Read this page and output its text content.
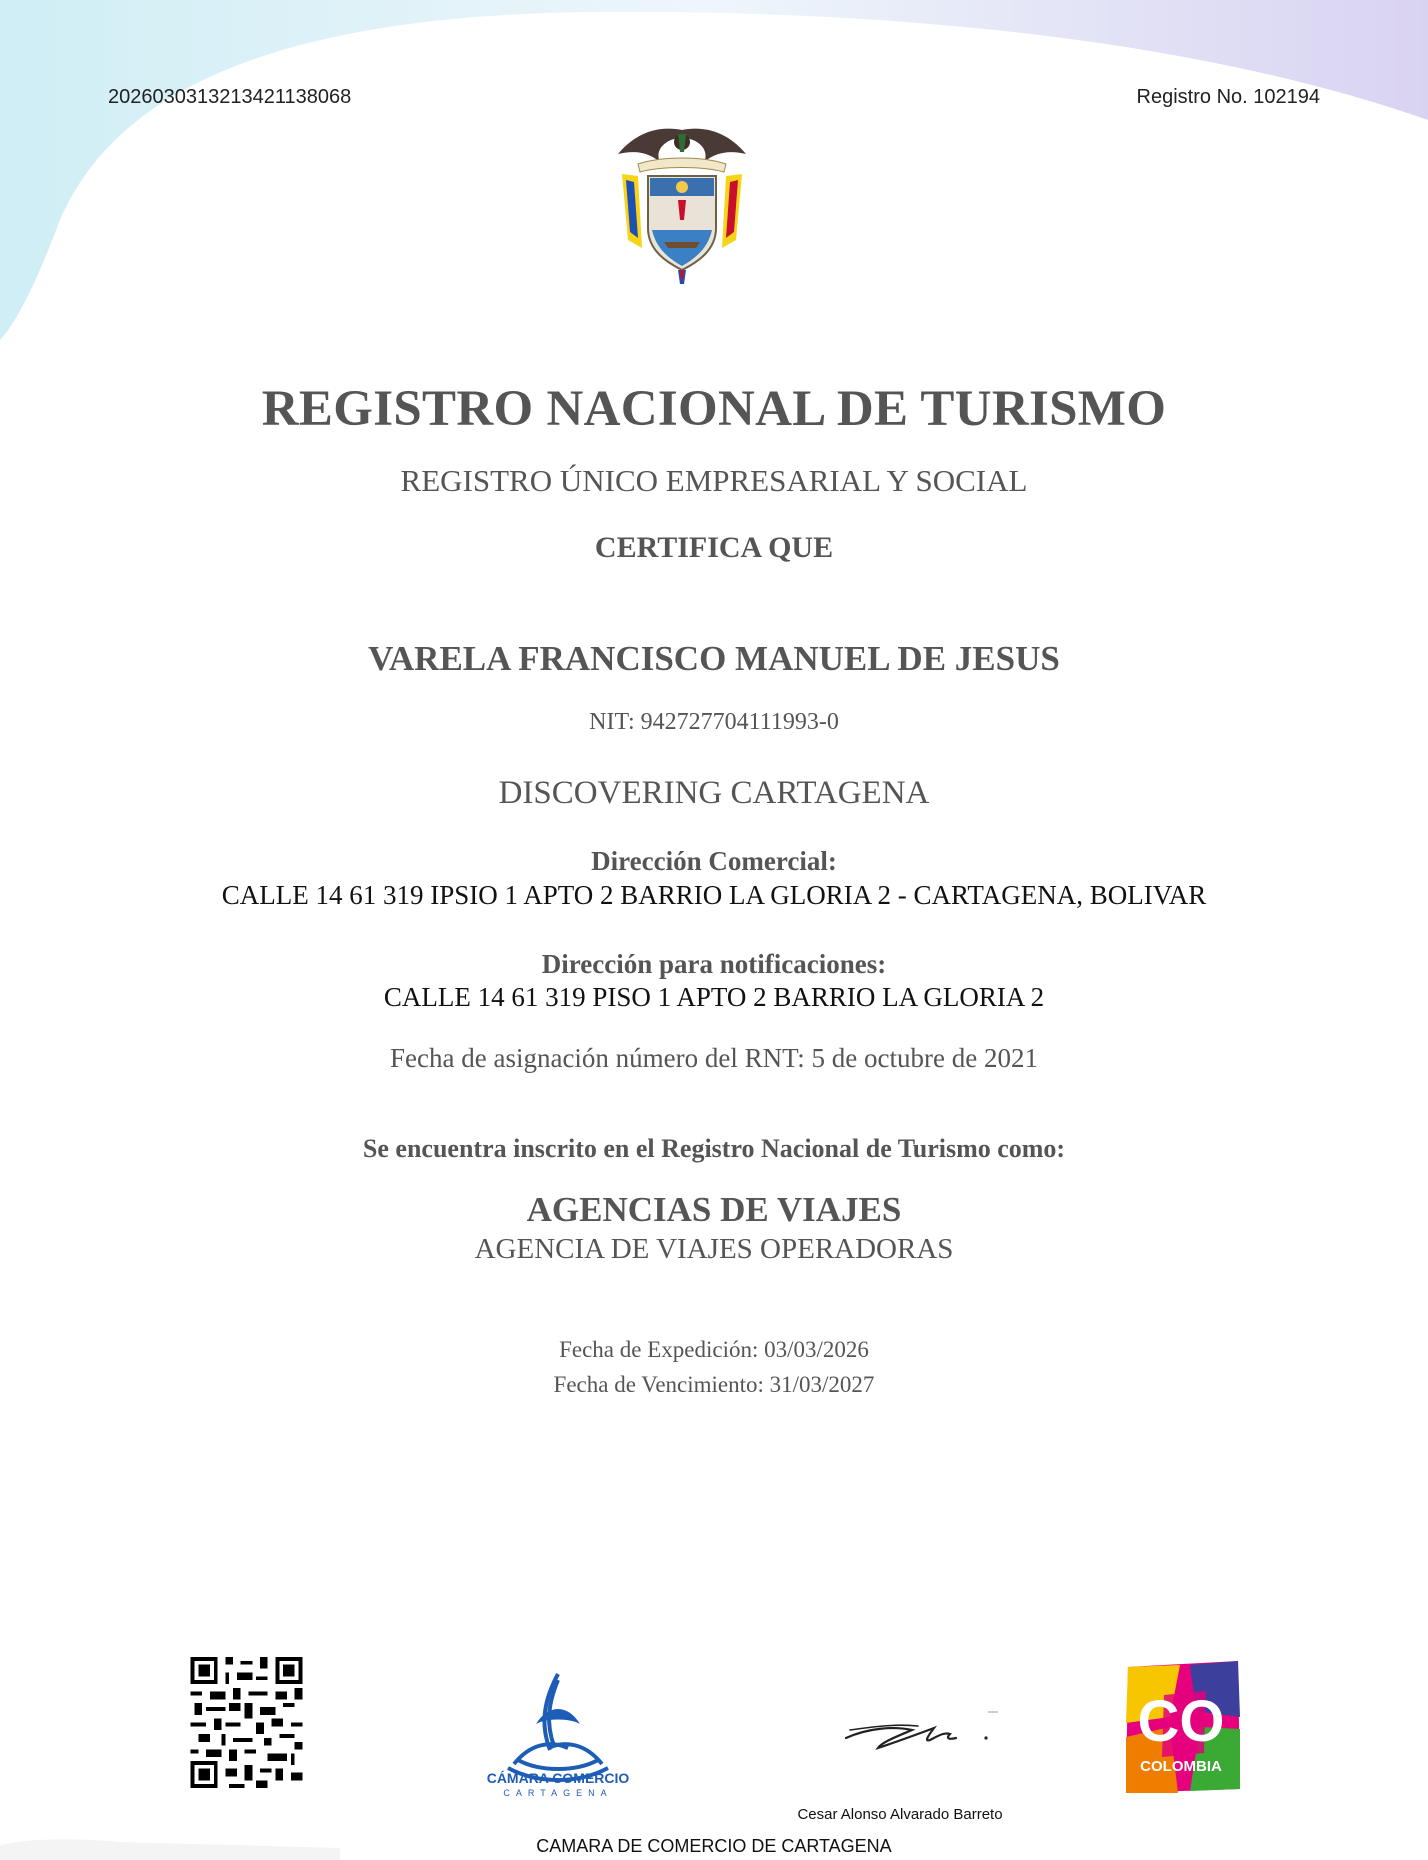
20260303132134211380​68	Registro No. 102194
REGISTRO NACIONAL DE TURISMO
REGISTRO ÚNICO EMPRESARIAL Y SOCIAL
CERTIFICA QUE
VARELA FRANCISCO MANUEL DE JESUS
NIT: 942727704111993-0
DISCOVERING CARTAGENA
Dirección Comercial:
CALLE 14 61 319 IPSIO 1 APTO 2 BARRIO LA GLORIA 2 - CARTAGENA, BOLIVAR
Dirección para notificaciones:
CALLE 14 61 319 PISO 1 APTO 2 BARRIO LA GLORIA 2
Fecha de asignación número del RNT: 5 de octubre de 2021
Se encuentra inscrito en el Registro Nacional de Turismo como:
AGENCIAS DE VIAJES
AGENCIA DE VIAJES OPERADORAS
Fecha de Expedición: 03/03/2026
Fecha de Vencimiento: 31/03/2027
CÁMARA COMERCIO
CARTAGENA
Cesar Alonso Alvarado Barreto
CAMARA DE COMERCIO DE CARTAGENA
CO
COLOMBIA
